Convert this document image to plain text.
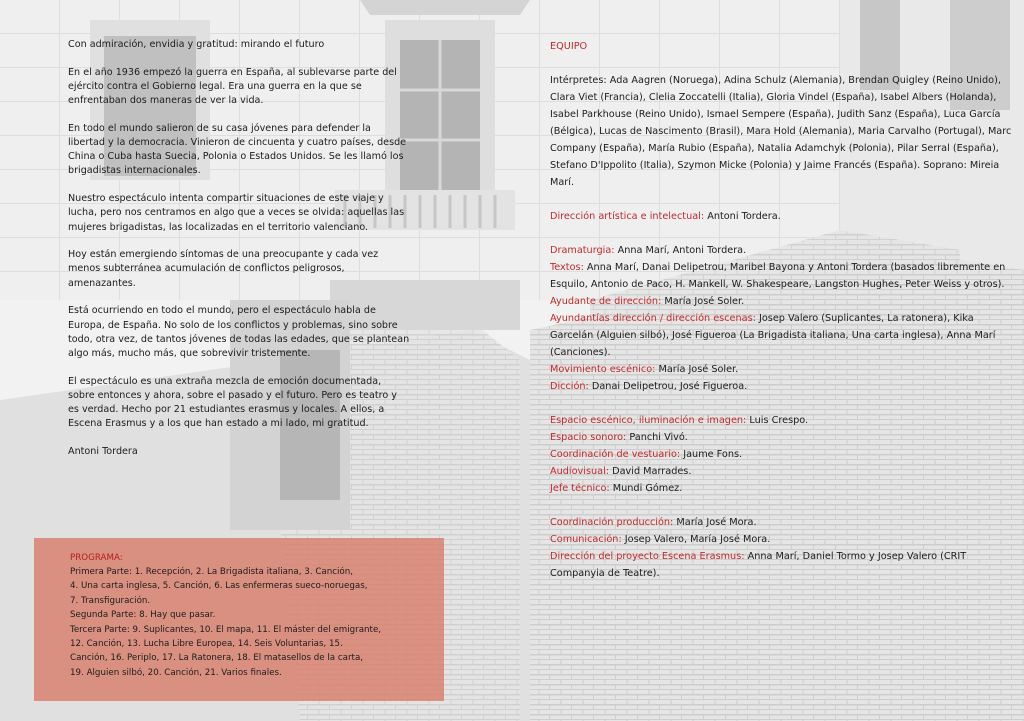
Con admiración, envidia y gratitud: mirando el futuro

En el año 1936 empezó la guerra en España, al sublevarse parte del ejército contra el Gobierno legal. Era una guerra en la que se enfrentaban dos maneras de ver la vida.

En todo el mundo salieron de su casa jóvenes para defender la libertad y la democracia. Vinieron de cincuenta y cuatro países, desde China o Cuba hasta Suecia, Polonia o Estados Unidos. Se les llamó los brigadistas internacionales.

Nuestro espectáculo intenta compartir situaciones de este viaje y lucha, pero nos centramos en algo que a veces se olvida: aquellas las mujeres brigadistas, las localizadas en el territorio valenciano.

Hoy están emergiendo síntomas de una preocupante y cada vez menos subterránea acumulación de conflictos peligrosos, amenazantes.

Está ocurriendo en todo el mundo, pero el espectáculo habla de Europa, de España. No solo de los conflictos y problemas, sino sobre todo, otra vez, de tantos jóvenes de todas las edades, que se plantean algo más, mucho más, que sobrevivir tristemente.

El espectáculo es una extraña mezcla de emoción documentada, sobre entonces y ahora, sobre el pasado y el futuro. Pero es teatro y es verdad. Hecho por 21 estudiantes erasmus y locales. A ellos, a Escena Erasmus y a los que han estado a mi lado, mi gratitud.

Antoni Tordera

PROGRAMA:
Primera Parte: 1. Recepción, 2. La Brigadista italiana, 3. Canción,
4. Una carta inglesa, 5. Canción, 6. Las enfermeras sueco-noruegas,
7. Transfiguración.
Segunda Parte: 8. Hay que pasar.
Tercera Parte: 9. Suplicantes, 10. El mapa, 11. El máster del emigrante,
12. Canción, 13. Lucha Libre Europea, 14. Seis Voluntarias, 15.
Canción, 16. Periplo, 17. La Ratonera, 18. El matasellos de la carta,
19. Alguien silbó, 20. Canción, 21. Varios finales.
EQUIPO
Intérpretes: Ada Aagren (Noruega), Adina Schulz (Alemania), Brendan Quigley (Reino Unido), Clara Viet (Francia), Clelia Zoccatelli (Italia), Gloria Vindel (España), Isabel Albers (Holanda), Isabel Parkhouse (Reino Unido), Ismael Sempere (España), Judith Sanz (España), Luca García (Bélgica), Lucas de Nascimento (Brasil), Mara Hold (Alemania), Maria Carvalho (Portugal), Marc Company (España), María Rubio (España), Natalia Adamchyk (Polonia), Pilar Serral (España), Stefano D'Ippolito (Italia), Szymon Micke (Polonia) y Jaime Francés (España). Soprano: Mireia Marí.
Dirección artística e intelectual: Antoni Tordera.
Dramaturgia: Anna Marí, Antoni Tordera.
Textos: Anna Marí, Danai Delipetrou, Maribel Bayona y Antoni Tordera (basados libremente en Esquilo, Antonio de Paco, H. Mankell, W. Shakespeare, Langston Hughes, Peter Weiss y otros).
Ayudante de dirección: María José Soler.
Ayundantías dirección / dirección escenas: Josep Valero (Suplicantes, La ratonera), Kika Garcelán (Alguien silbó), José Figueroa (La Brigadista italiana, Una carta inglesa), Anna Marí (Canciones).
Movimiento escénico: María José Soler.
Dicción: Danai Delipetrou, José Figueroa.
Espacio escénico, iluminación e imagen: Luis Crespo.
Espacio sonoro: Panchi Vivó.
Coordinación de vestuario: Jaume Fons.
Audiovisual: David Marrades.
Jefe técnico: Mundi Gómez.
Coordinación producción: María José Mora.
Comunicación: Josep Valero, María José Mora.
Dirección del proyecto Escena Erasmus: Anna Marí, Daniel Tormo y Josep Valero (CRIT Companyia de Teatre).
